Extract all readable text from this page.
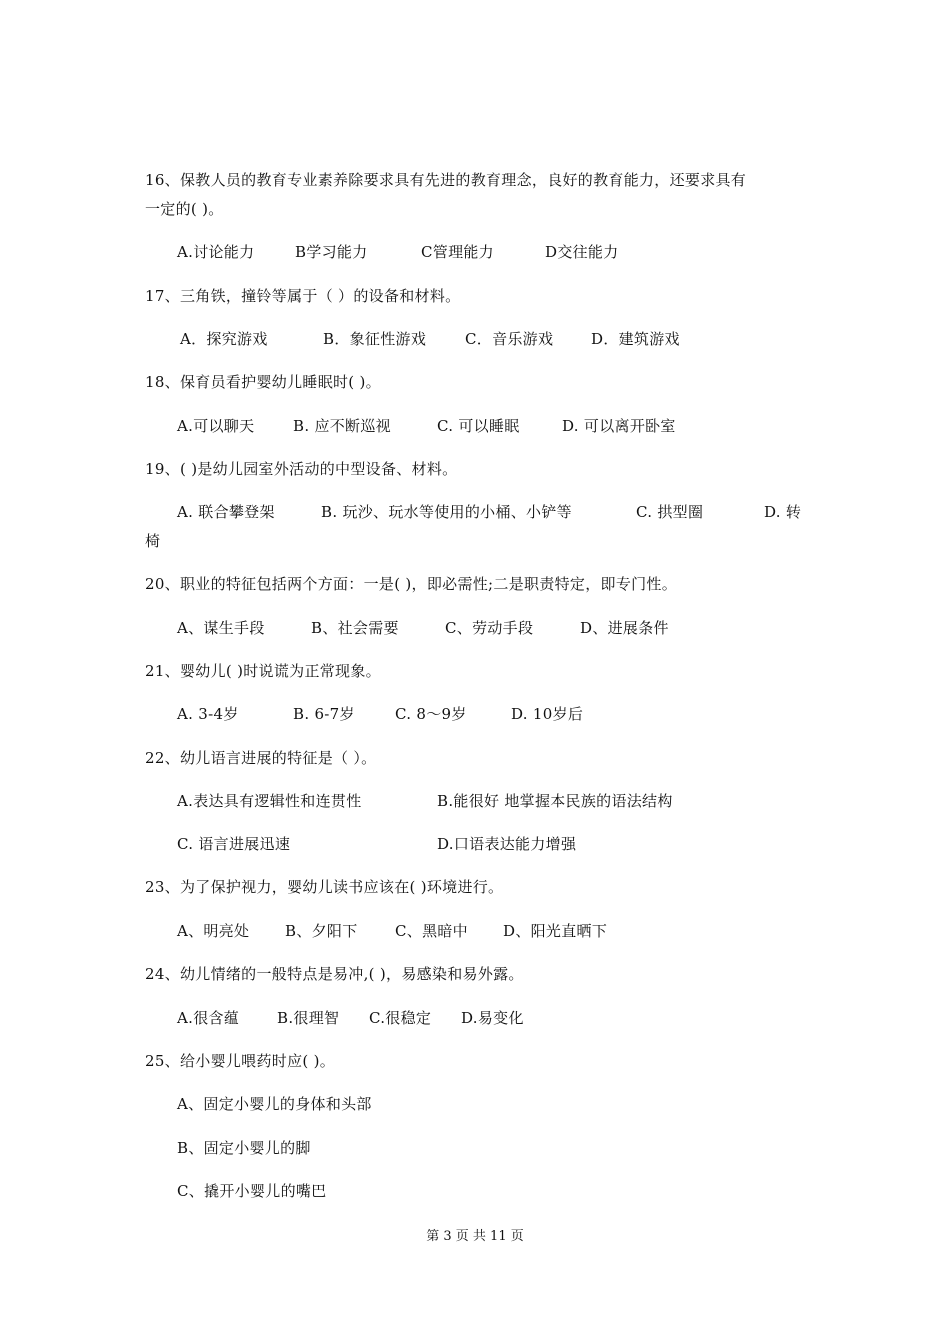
16、保教人员的教育专业素养除要求具有先进的教育理念，良好的教育能力，还要求具有
一定的( )。
A.讨论能力	B学习能力	C管理能力	D交往能力
17、三角铁，撞铃等属于（ ）的设备和材料。
A．探究游戏	B．象征性游戏	C．音乐游戏	D．建筑游戏
18、保育员看护婴幼儿睡眠时( )。
A.可以聊天	B. 应不断巡视	C. 可以睡眠	D. 可以离开卧室
19、( )是幼儿园室外活动的中型设备、材料。
A. 联合攀登架	B. 玩沙、玩水等使用的小桶、小铲等	C. 拱型圈	D. 转
椅
20、职业的特征包括两个方面：一是( )，即必需性;二是职责特定，即专门性。
A、谋生手段	B、社会需要	C、劳动手段	D、进展条件
21、婴幼儿( )时说谎为正常现象。
A. 3-4岁	B. 6-7岁	C. 8～9岁	D. 10岁后
22、幼儿语言进展的特征是（ ）。
A.表达具有逻辑性和连贯性	B.能很好 地掌握本民族的语法结构
C. 语言进展迅速	D.口语表达能力增强
23、为了保护视力，婴幼儿读书应该在( )环境进行。
A、明亮处 B、夕阳下 C、黑暗中 D、阳光直晒下
24、幼儿情绪的一般特点是易冲,( )，易感染和易外露。
A.很含蕴	B.很理智 C.很稳定 D.易变化
25、给小婴儿喂药时应( )。
A、固定小婴儿的身体和头部
B、固定小婴儿的脚
C、撬开小婴儿的嘴巴
第 3 页 共 11 页
